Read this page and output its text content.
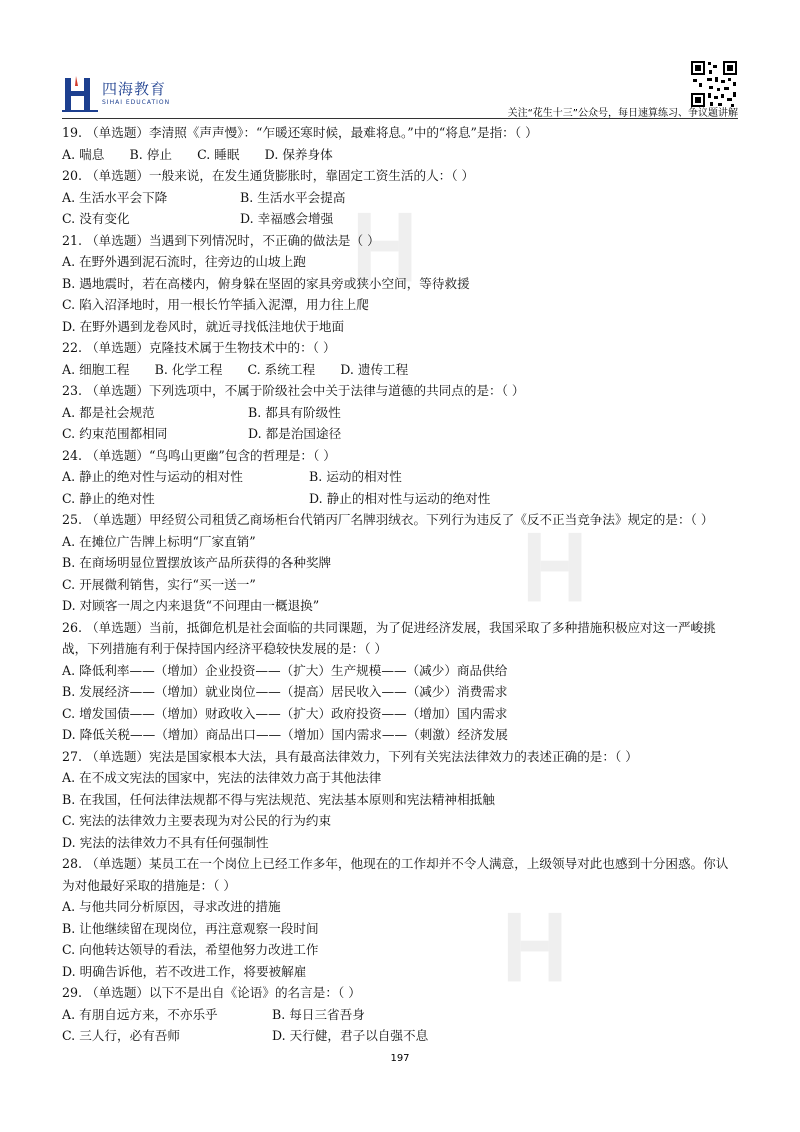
四海教育
SIHAI EDUCATION
关注“花生十三”公众号，每日速算练习、争议题讲解
19. （单选题）李清照《声声慢》：“乍暖还寒时候，最难将息。”中的“将息”是指：（ ）
A. 喘息　　B. 停止　　C. 睡眠　　D. 保养身体
20. （单选题）一般来说，在发生通货膨胀时，靠固定工资生活的人：（ ）
A. 生活水平会下降	B. 生活水平会提高
C. 没有变化	D. 幸福感会增强
21. （单选题）当遇到下列情况时，不正确的做法是（ ）
A. 在野外遇到泥石流时，往旁边的山坡上跑
B. 遇地震时，若在高楼内，俯身躲在坚固的家具旁或狭小空间，等待救援
C. 陷入沼泽地时，用一根长竹竿插入泥潭，用力往上爬
D. 在野外遇到龙卷风时，就近寻找低洼地伏于地面
22. （单选题）克隆技术属于生物技术中的：（ ）
A. 细胞工程　　B. 化学工程　　C. 系统工程　　D. 遗传工程
23. （单选题）下列选项中，不属于阶级社会中关于法律与道德的共同点的是：（ ）
A. 都是社会规范	B. 都具有阶级性
C. 约束范围都相同	D. 都是治国途径
24. （单选题）“鸟鸣山更幽”包含的哲理是：（ ）
A. 静止的绝对性与运动的相对性	B. 运动的相对性
C. 静止的绝对性	D. 静止的相对性与运动的绝对性
25. （单选题）甲经贸公司租赁乙商场柜台代销丙厂名牌羽绒衣。下列行为违反了《反不正当竞争法》规定的是：（ ）
A. 在摊位广告牌上标明“厂家直销”
B. 在商场明显位置摆放该产品所获得的各种奖牌
C. 开展微利销售，实行“买一送一”
D. 对顾客一周之内来退货“不问理由一概退换”
26. （单选题）当前，抵御危机是社会面临的共同课题，为了促进经济发展，我国采取了多种措施积极应对这一严峻挑战，下列措施有利于保持国内经济平稳较快发展的是：（ ）
A. 降低利率——（增加）企业投资——（扩大）生产规模——（减少）商品供给
B. 发展经济——（增加）就业岗位——（提高）居民收入——（减少）消费需求
C. 增发国债——（增加）财政收入——（扩大）政府投资——（增加）国内需求
D. 降低关税——（增加）商品出口——（增加）国内需求——（刺激）经济发展
27. （单选题）宪法是国家根本大法，具有最高法律效力，下列有关宪法法律效力的表述正确的是：（ ）
A. 在不成文宪法的国家中，宪法的法律效力高于其他法律
B. 在我国，任何法律法规都不得与宪法规范、宪法基本原则和宪法精神相抵触
C. 宪法的法律效力主要表现为对公民的行为约束
D. 宪法的法律效力不具有任何强制性
28. （单选题）某员工在一个岗位上已经工作多年，他现在的工作却并不令人满意，上级领导对此也感到十分困惑。你认为对他最好采取的措施是：（ ）
A. 与他共同分析原因，寻求改进的措施
B. 让他继续留在现岗位，再注意观察一段时间
C. 向他转达领导的看法，希望他努力改进工作
D. 明确告诉他，若不改进工作，将要被解雇
29. （单选题）以下不是出自《论语》的名言是：（ ）
A. 有朋自远方来，不亦乐乎	B. 每日三省吾身
C. 三人行，必有吾师	D. 天行健，君子以自强不息
197
